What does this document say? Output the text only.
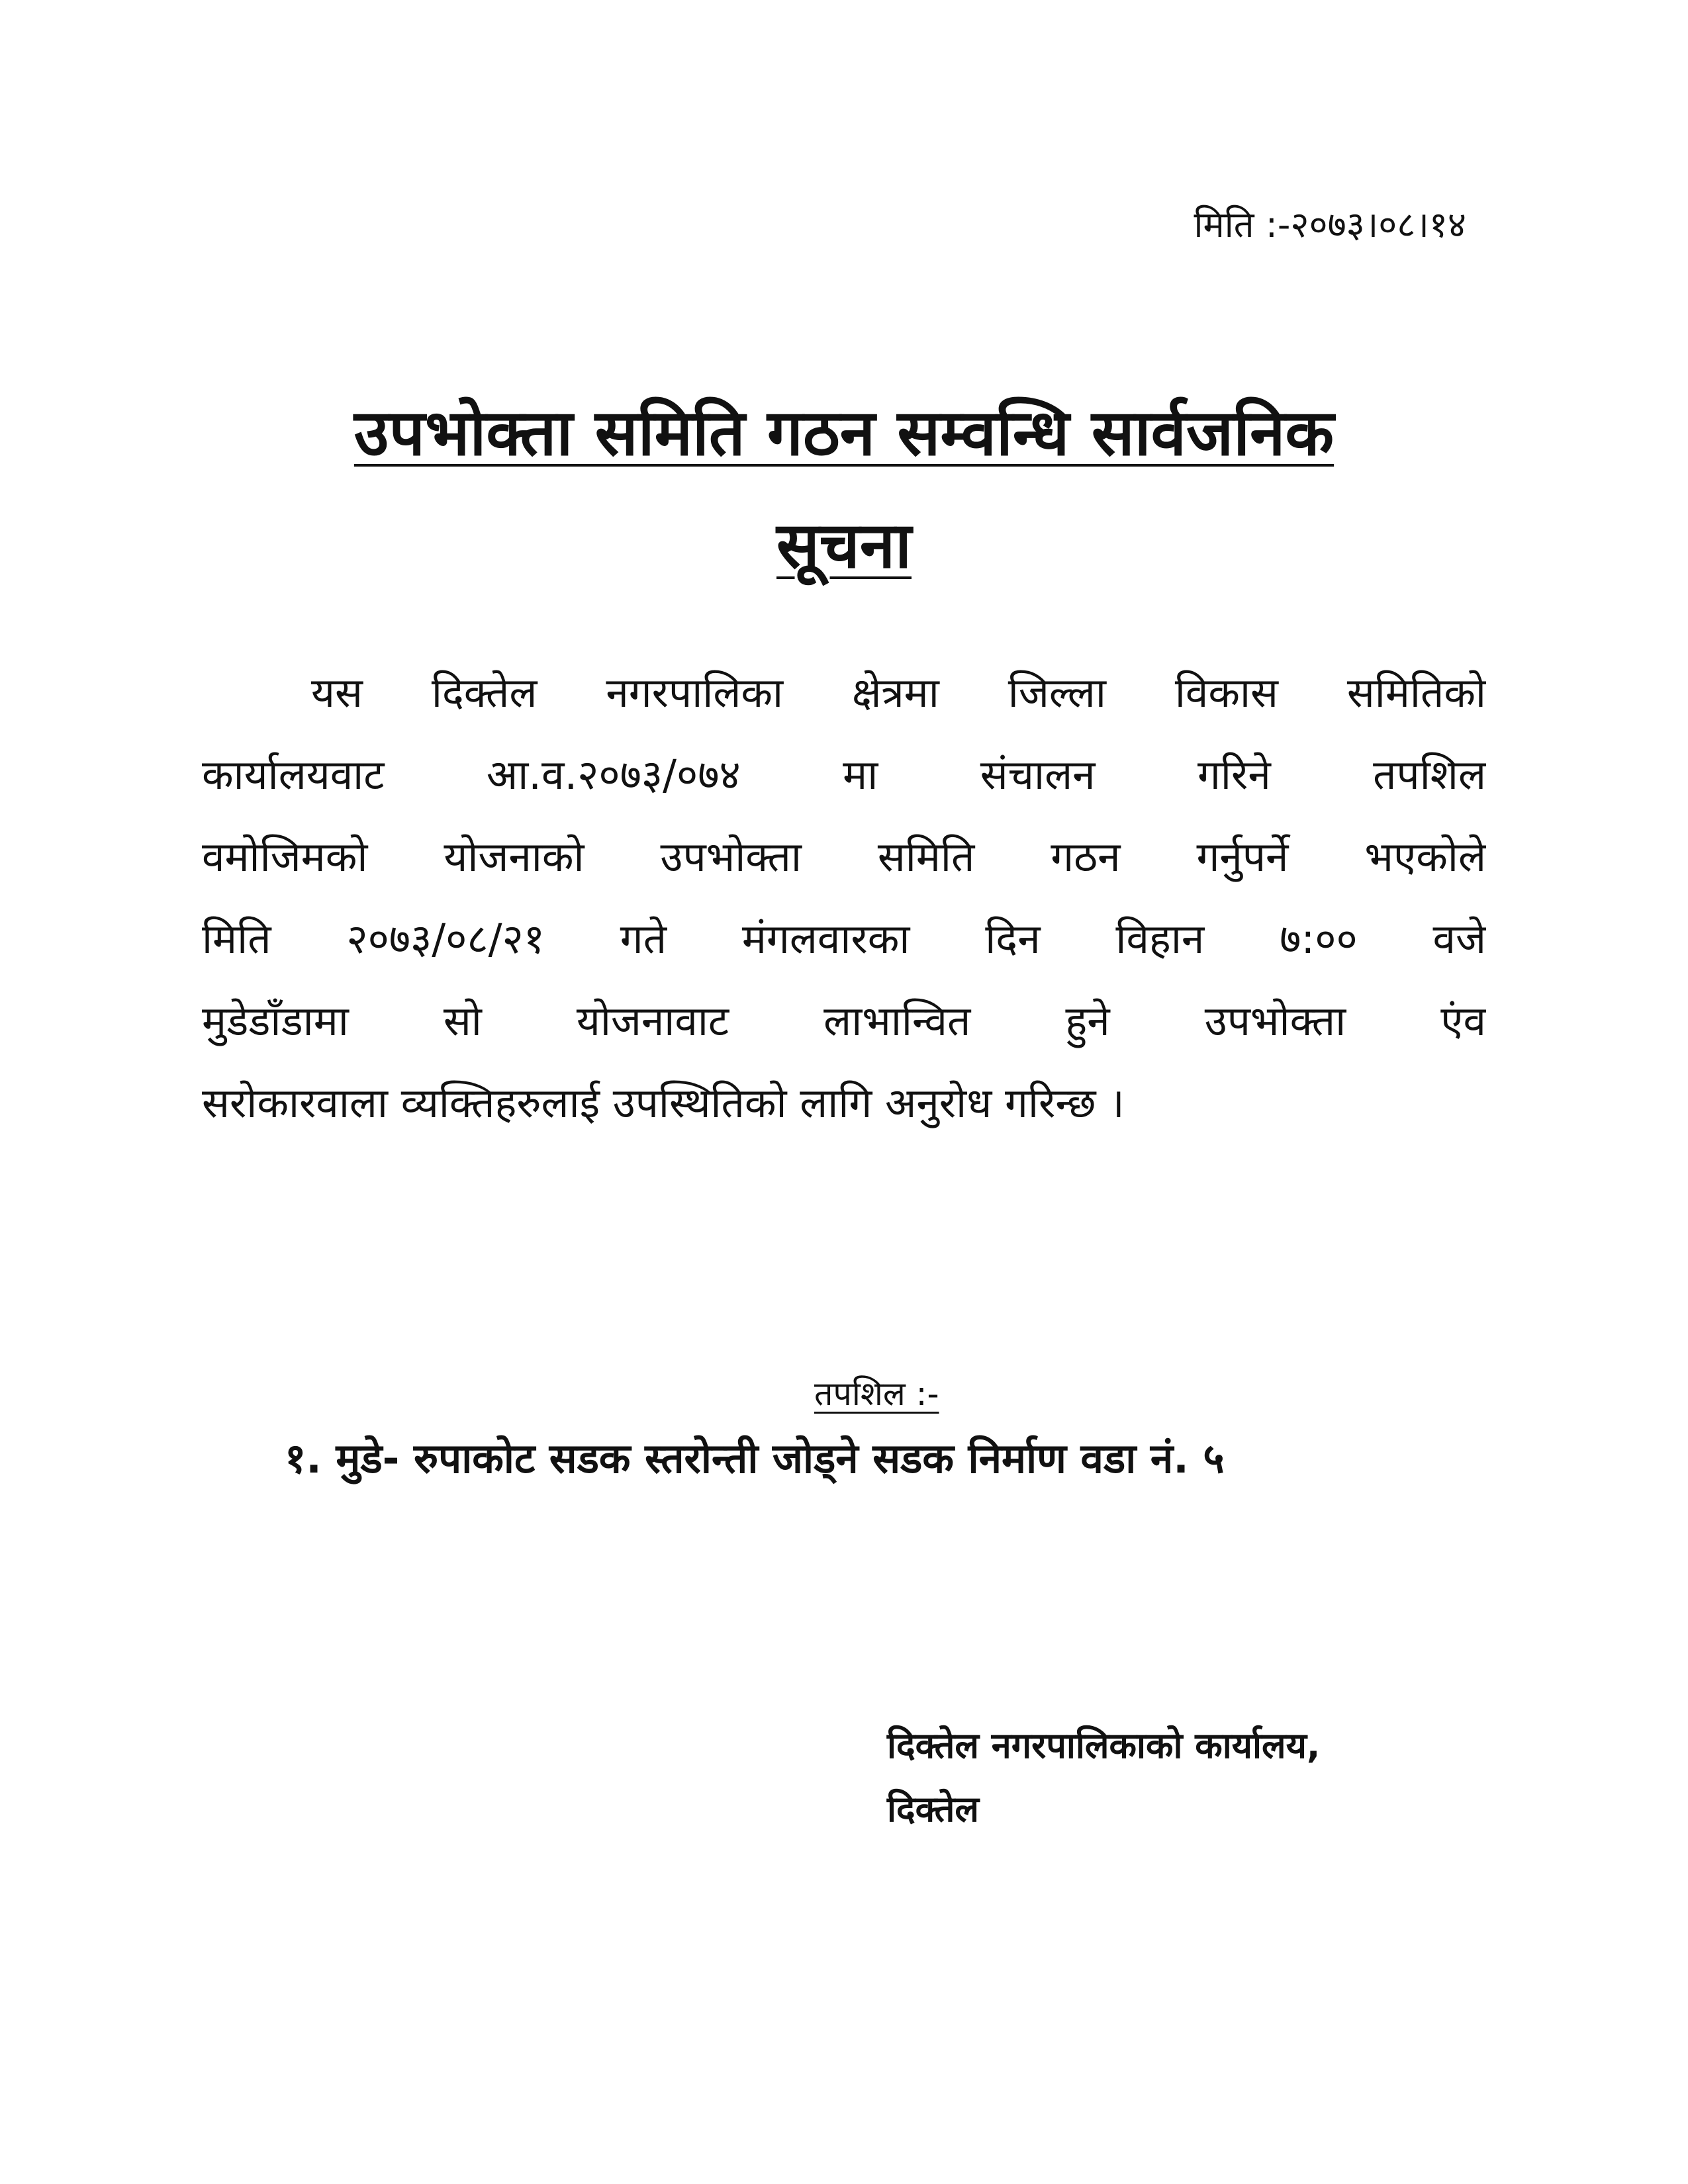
मिति :-२०७३।०८।१४
उपभोक्ता समिति गठन सम्वन्धि सार्वजनिक
सूचना
यस दिक्तेल नगरपालिका क्षेत्रमा जिल्ला विकास समितिको
कार्यालयवाट आ.व.२०७३/०७४ मा संचालन गरिने तपशिल
वमोजिमको योजनाको उपभोक्ता समिति गठन गर्नुपर्ने भएकोले
मिति २०७३/०८/२१ गते मंगलवारका दिन विहान ७:०० वजे
मुडेडाँडामा सो योजनावाट लाभान्वित हुने उपभोक्ता एंव
सरोकारवाला व्यक्तिहरुलाई उपस्थितिको लागि अनुरोध गरिन्छ ।
तपशिल :-
१. मुडे- रुपाकोट सडक स्तरोन्ती जोड्ने सडक निर्माण वडा नं. ५
दिक्तेल नगरपालिकाको कार्यालय,
दिक्तेल
